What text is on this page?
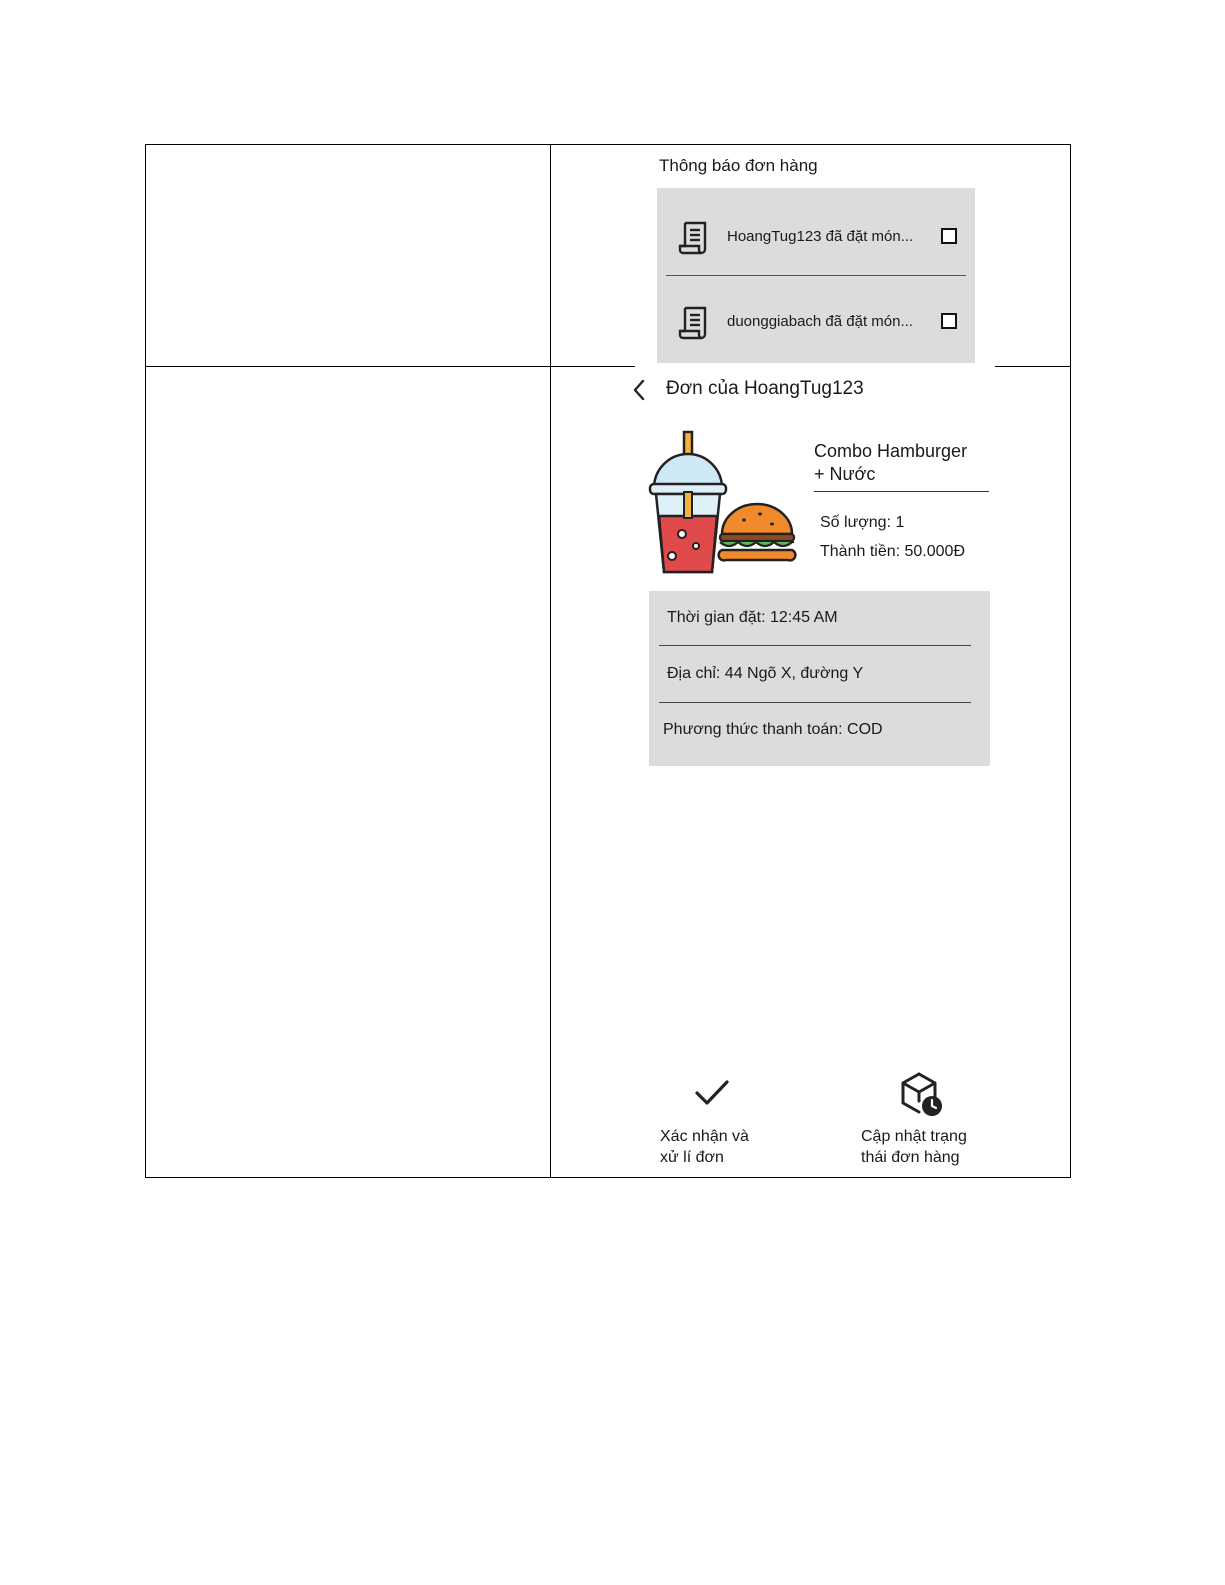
Thông báo đơn hàng
HoangTug123 đã đặt món...
duonggiabach đã đặt món...
Đơn của HoangTug123
Combo Hamburger
+ Nước
Số lượng: 1
Thành tiền: 50.000Đ
Thời gian đặt: 12:45 AM
Địa chỉ: 44 Ngõ X, đường Y
Phương thức thanh toán: COD
Xác nhận và
xử lí đơn
Cập nhật trạng
thái đơn hàng
